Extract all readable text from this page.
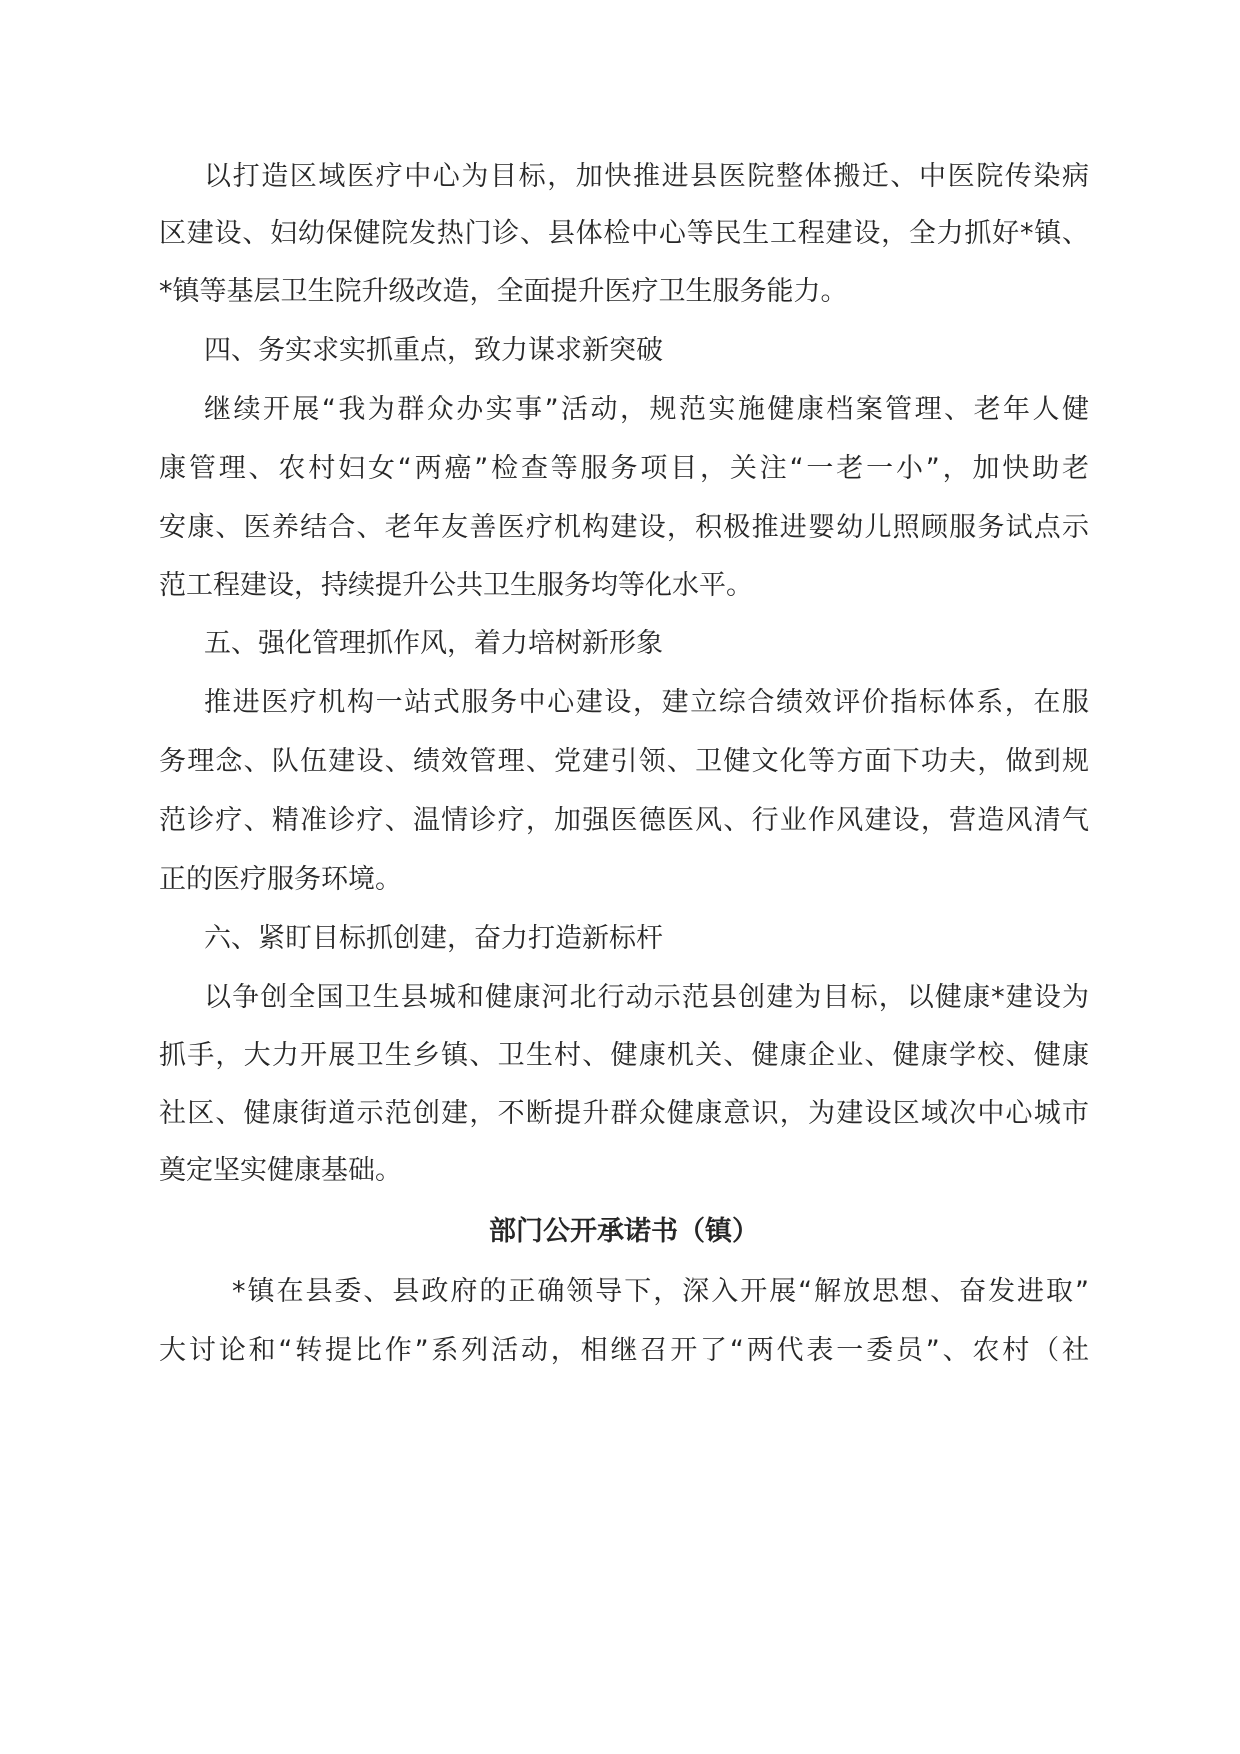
以打造区域医疗中心为目标，加快推进县医院整体搬迁、中医院传染病
区建设、妇幼保健院发热门诊、县体检中心等民生工程建设，全力抓好*镇、
*镇等基层卫生院升级改造，全面提升医疗卫生服务能力。
四、务实求实抓重点，致力谋求新突破
继续开展“我为群众办实事”活动，规范实施健康档案管理、老年人健
康管理、农村妇女“两癌”检查等服务项目，关注“一老一小”，加快助老
安康、医养结合、老年友善医疗机构建设，积极推进婴幼儿照顾服务试点示
范工程建设，持续提升公共卫生服务均等化水平。
五、强化管理抓作风，着力培树新形象
推进医疗机构一站式服务中心建设，建立综合绩效评价指标体系，在服
务理念、队伍建设、绩效管理、党建引领、卫健文化等方面下功夫，做到规
范诊疗、精准诊疗、温情诊疗，加强医德医风、行业作风建设，营造风清气
正的医疗服务环境。
六、紧盯目标抓创建，奋力打造新标杆
以争创全国卫生县城和健康河北行动示范县创建为目标，以健康*建设为
抓手，大力开展卫生乡镇、卫生村、健康机关、健康企业、健康学校、健康
社区、健康街道示范创建，不断提升群众健康意识，为建设区域次中心城市
奠定坚实健康基础。
部门公开承诺书（镇）
*镇在县委、县政府的正确领导下，深入开展“解放思想、奋发进取”
大讨论和“转提比作”系列活动，相继召开了“两代表一委员”、农村（社
